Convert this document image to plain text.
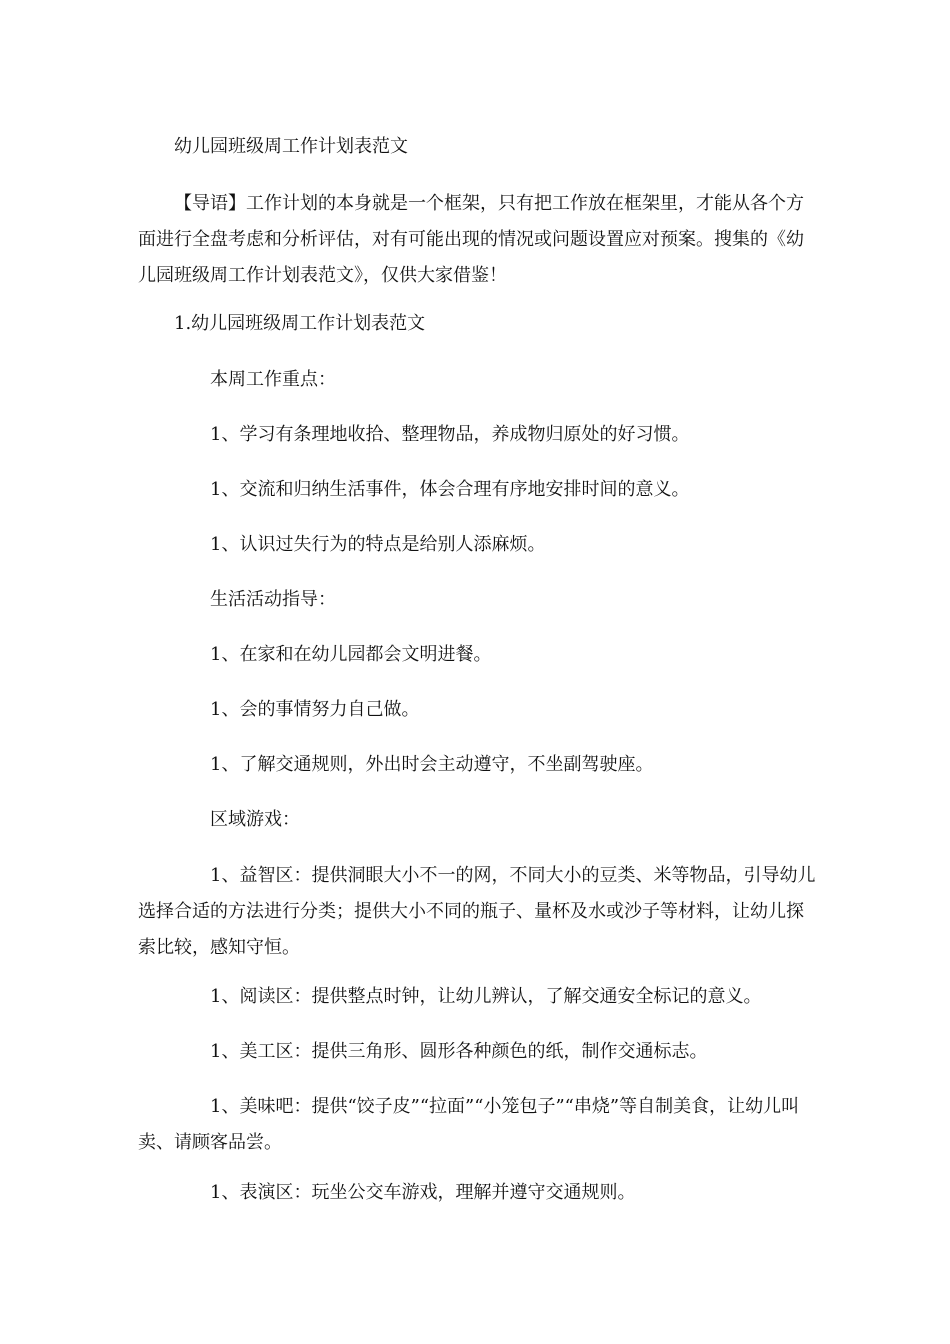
幼儿园班级周工作计划表范文

【导语】工作计划的本身就是一个框架，只有把工作放在框架里，才能从各个方面进行全盘考虑和分析评估，对有可能出现的情况或问题设置应对预案。搜集的《幼儿园班级周工作计划表范文》，仅供大家借鉴！

1.幼儿园班级周工作计划表范文

本周工作重点：

1、学习有条理地收拾、整理物品，养成物归原处的好习惯。

1、交流和归纳生活事件，体会合理有序地安排时间的意义。

1、认识过失行为的特点是给别人添麻烦。

生活活动指导：

1、在家和在幼儿园都会文明进餐。

1、会的事情努力自己做。

1、了解交通规则，外出时会主动遵守，不坐副驾驶座。

区域游戏：

1、益智区：提供洞眼大小不一的网，不同大小的豆类、米等物品，引导幼儿选择合适的方法进行分类；提供大小不同的瓶子、量杯及水或沙子等材料，让幼儿探索比较，感知守恒。

1、阅读区：提供整点时钟，让幼儿辨认，了解交通安全标记的意义。

1、美工区：提供三角形、圆形各种颜色的纸，制作交通标志。

1、美味吧：提供“饺子皮”“拉面”“小笼包子”“串烧”等自制美食，让幼儿叫卖、请顾客品尝。

1、表演区：玩坐公交车游戏，理解并遵守交通规则。
